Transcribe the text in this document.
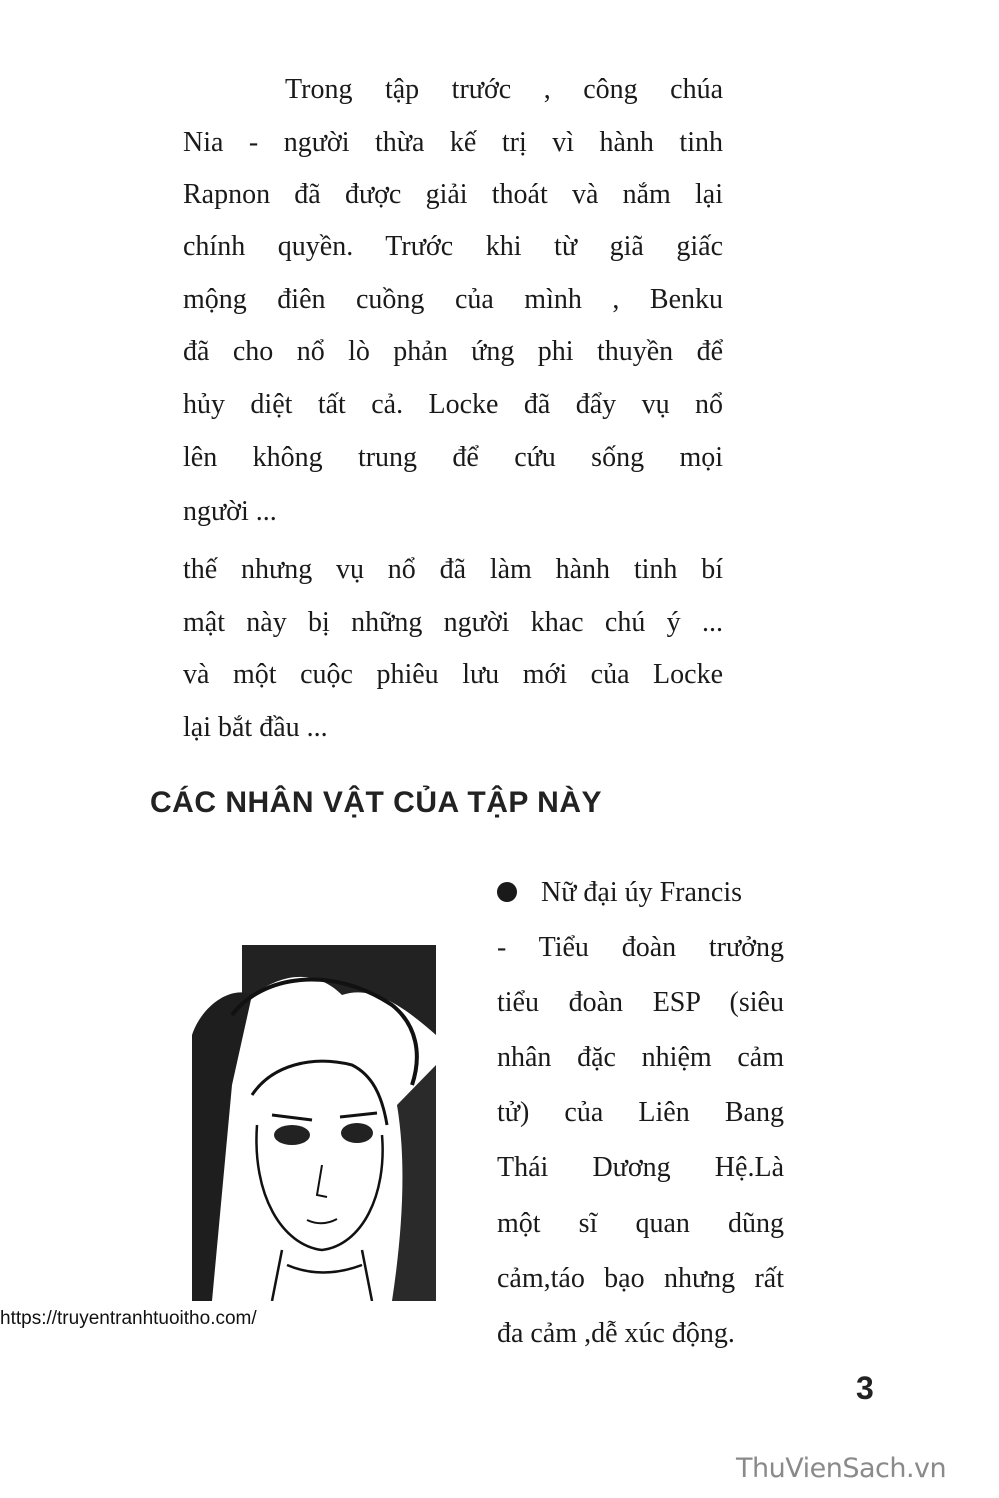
Trong tập trước , công chúa
Nia - người thừa kế trị vì hành tinh
Rapnon đã được giải thoát và nắm lại
chính quyền. Trước khi từ giã giấc
mộng điên cuồng của mình , Benku
đã cho nổ lò phản ứng phi thuyền để
hủy diệt tất cả. Locke đã đẩy vụ nổ
lên không trung để cứu sống mọi
người ...
thế nhưng vụ nổ đã làm hành tinh bí
mật này bị những người khac chú ý ...
và một cuộc phiêu lưu mới của Locke
lại bắt đầu ...
CÁC NHÂN VẬT CỦA TẬP NÀY
Nữ đại úy Francis
- Tiểu đoàn trưởng
tiểu đoàn ESP (siêu
nhân đặc nhiệm cảm
tử) của Liên Bang
Thái Dương Hệ.Là
một sĩ quan dũng
cảm,táo bạo nhưng rất
đa cảm ,dễ xúc động.
https://truyentranhtuoitho.com/
3
ThuVienSach.vn
